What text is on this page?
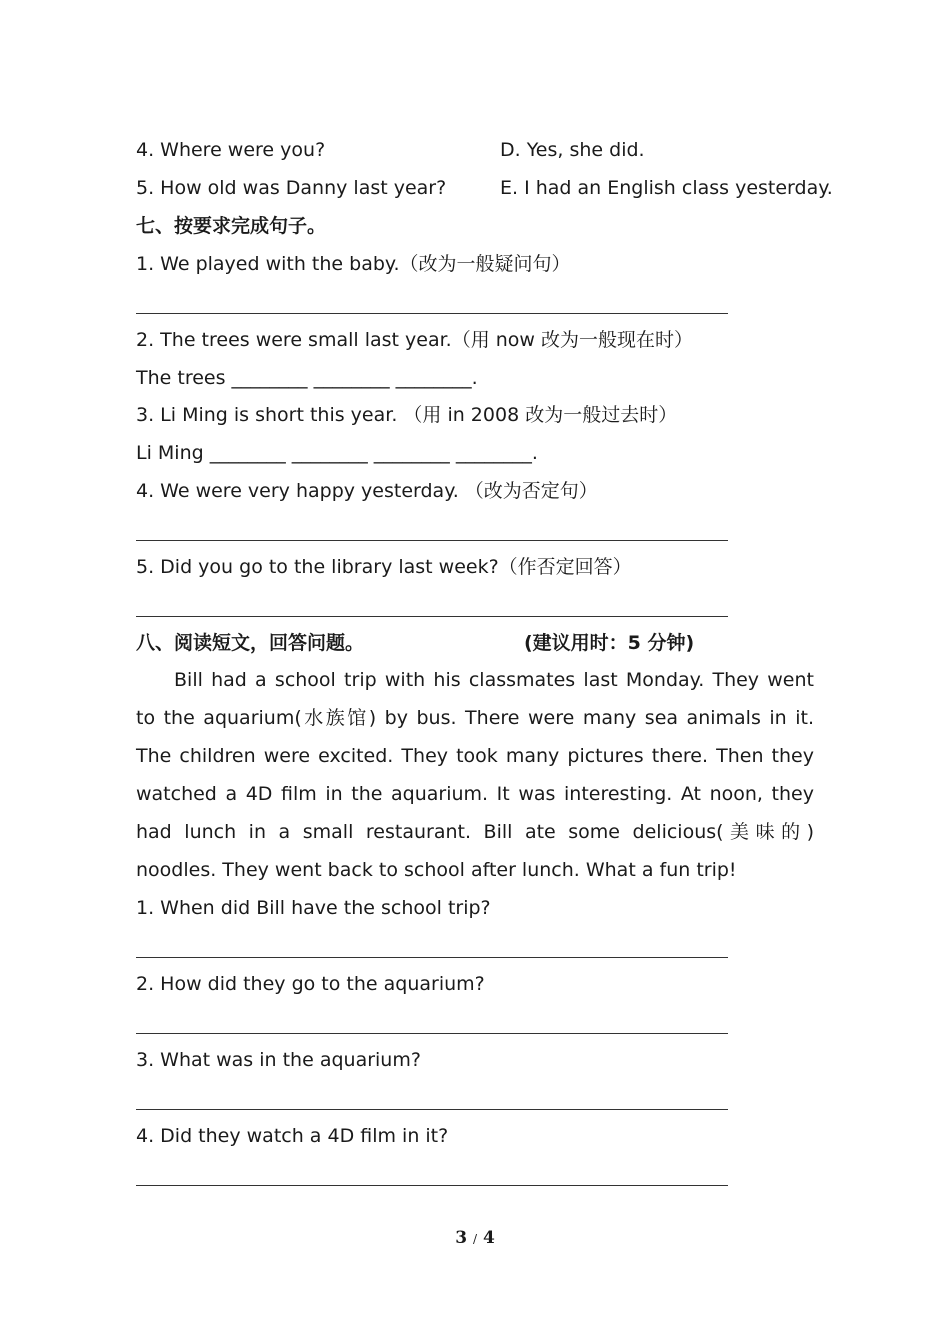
4. Where were you?	D. Yes, she did.
5. How old was Danny last year?	E. I had an English class yesterday.
七、按要求完成句子。
1. We played with the baby.（改为一般疑问句）
2. The trees were small last year.（用 now 改为一般现在时）
The trees ________ ________ ________.
3. Li Ming is short this year. （用 in 2008 改为一般过去时）
Li Ming ________ ________ ________ ________.
4. We were very happy yesterday. （改为否定句）
5. Did you go to the library last week?（作否定回答）
八、阅读短文，回答问题。	(建议用时：5 分钟)
Bill had a school trip with his classmates last Monday. They went to the aquarium(水族馆) by bus. There were many sea animals in it. The children were excited. They took many pictures there. Then they watched a 4D film in the aquarium. It was interesting. At noon, they had lunch in a small restaurant. Bill ate some delicious(美味的) noodles. They went back to school after lunch. What a fun trip!
1. When did Bill have the school trip?
2. How did they go to the aquarium?
3. What was in the aquarium?
4. Did they watch a 4D film in it?
3 / 4
